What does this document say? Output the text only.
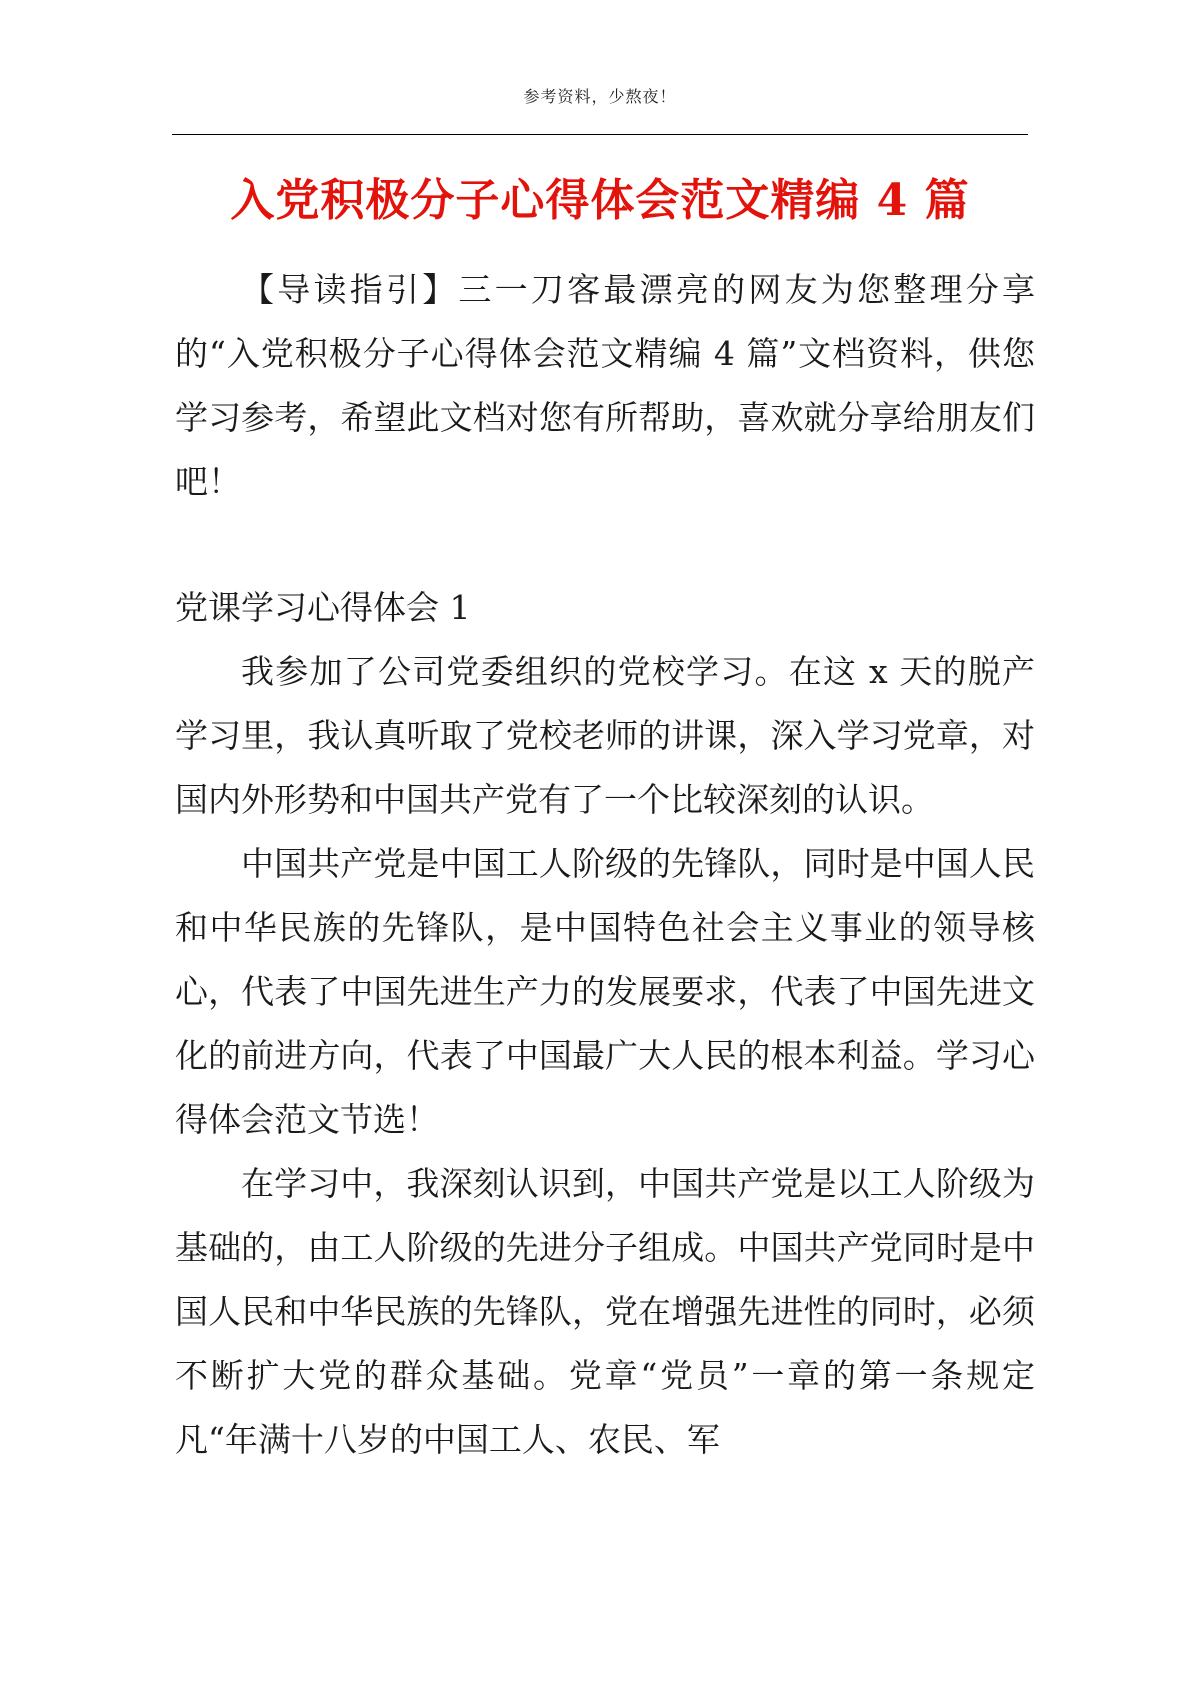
参考资料，少熬夜！
入党积极分子心得体会范文精编 4 篇

【导读指引】三一刀客最漂亮的网友为您整理分享的“入党积极分子心得体会范文精编 4 篇”文档资料，供您学习参考，希望此文档对您有所帮助，喜欢就分享给朋友们吧！

党课学习心得体会 1

我参加了公司党委组织的党校学习。在这 x 天的脱产学习里，我认真听取了党校老师的讲课，深入学习党章，对国内外形势和中国共产党有了一个比较深刻的认识。

中国共产党是中国工人阶级的先锋队，同时是中国人民和中华民族的先锋队，是中国特色社会主义事业的领导核心，代表了中国先进生产力的发展要求，代表了中国先进文化的前进方向，代表了中国最广大人民的根本利益。学习心得体会范文节选！

在学习中，我深刻认识到，中国共产党是以工人阶级为基础的，由工人阶级的先进分子组成。中国共产党同时是中国人民和中华民族的先锋队，党在增强先进性的同时，必须不断扩大党的群众基础。党章“党员”一章的第一条规定凡“年满十八岁的中国工人、农民、军
